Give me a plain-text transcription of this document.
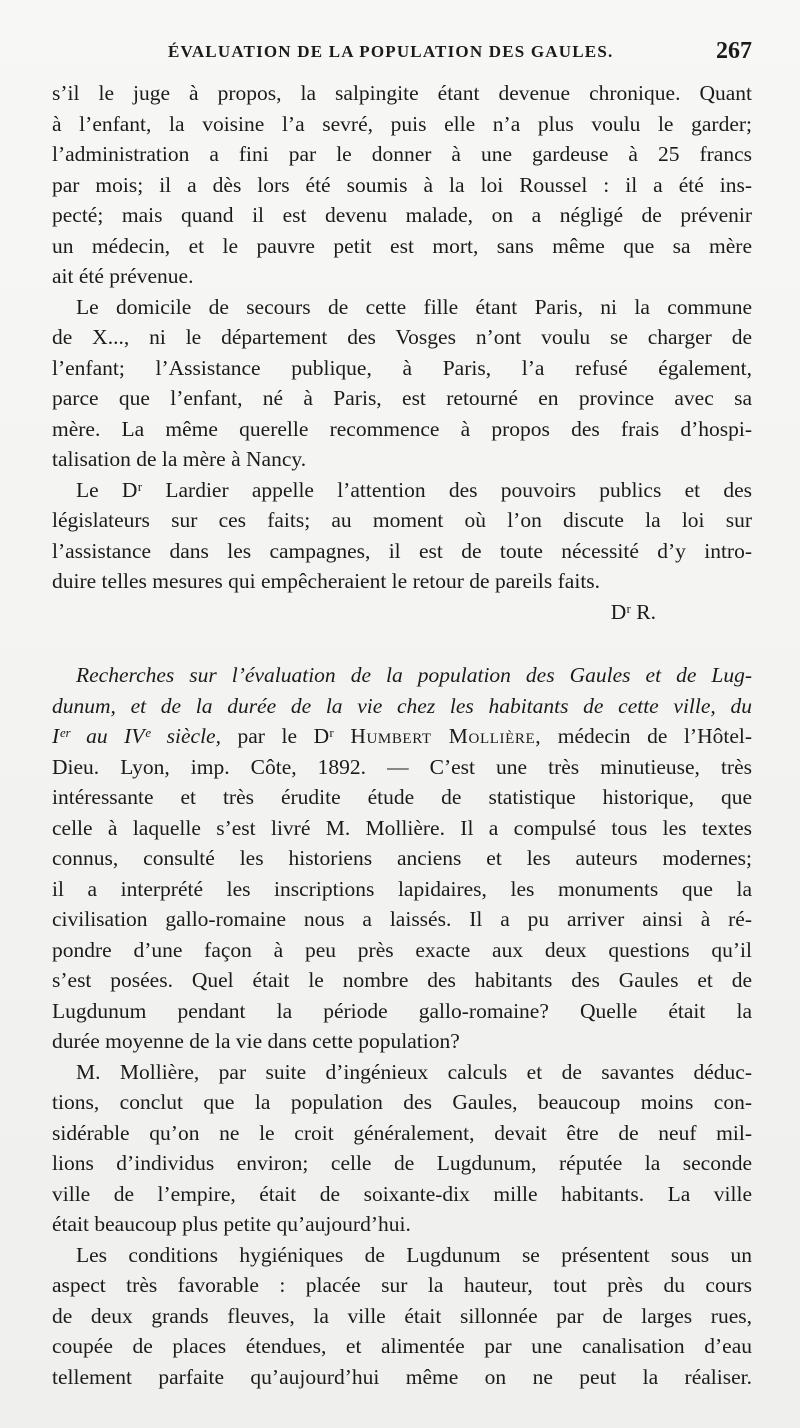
ÉVALUATION DE LA POPULATION DES GAULES.	267
s’il le juge à propos, la salpingite étant devenue chronique. Quant
à l’enfant, la voisine l’a sevré, puis elle n’a plus voulu le garder;
l’administration a fini par le donner à une gardeuse à 25 francs
par mois; il a dès lors été soumis à la loi Roussel : il a été ins-
pecté; mais quand il est devenu malade, on a négligé de prévenir
un médecin, et le pauvre petit est mort, sans même que sa mère
ait été prévenue.
Le domicile de secours de cette fille étant Paris, ni la commune
de X..., ni le département des Vosges n’ont voulu se charger de
l’enfant; l’Assistance publique, à Paris, l’a refusé également,
parce que l’enfant, né à Paris, est retourné en province avec sa
mère. La même querelle recommence à propos des frais d’hospi-
talisation de la mère à Nancy.
Le Dʳ Lardier appelle l’attention des pouvoirs publics et des
législateurs sur ces faits; au moment où l’on discute la loi sur
l’assistance dans les campagnes, il est de toute nécessité d’y intro-
duire telles mesures qui empêcheraient le retour de pareils faits.
Dʳ R.
Recherches sur l’évaluation de la population des Gaules et de Lug-
dunum, et de la durée de la vie chez les habitants de cette ville, du
Iᵉʳ au IVᵉ siècle, par le Dʳ Humbert Mollière, médecin de l’Hôtel-
Dieu. Lyon, imp. Côte, 1892. — C’est une très minutieuse, très
intéressante et très érudite étude de statistique historique, que
celle à laquelle s’est livré M. Mollière. Il a compulsé tous les textes
connus, consulté les historiens anciens et les auteurs modernes;
il a interprété les inscriptions lapidaires, les monuments que la
civilisation gallo-romaine nous a laissés. Il a pu arriver ainsi à ré-
pondre d’une façon à peu près exacte aux deux questions qu’il
s’est posées. Quel était le nombre des habitants des Gaules et de
Lugdunum pendant la période gallo-romaine? Quelle était la
durée moyenne de la vie dans cette population?
M. Mollière, par suite d’ingénieux calculs et de savantes déduc-
tions, conclut que la population des Gaules, beaucoup moins con-
sidérable qu’on ne le croit généralement, devait être de neuf mil-
lions d’individus environ; celle de Lugdunum, réputée la seconde
ville de l’empire, était de soixante-dix mille habitants. La ville
était beaucoup plus petite qu’aujourd’hui.
Les conditions hygiéniques de Lugdunum se présentent sous un
aspect très favorable : placée sur la hauteur, tout près du cours
de deux grands fleuves, la ville était sillonnée par de larges rues,
coupée de places étendues, et alimentée par une canalisation d’eau
tellement parfaite qu’aujourd’hui même on ne peut la réaliser.
